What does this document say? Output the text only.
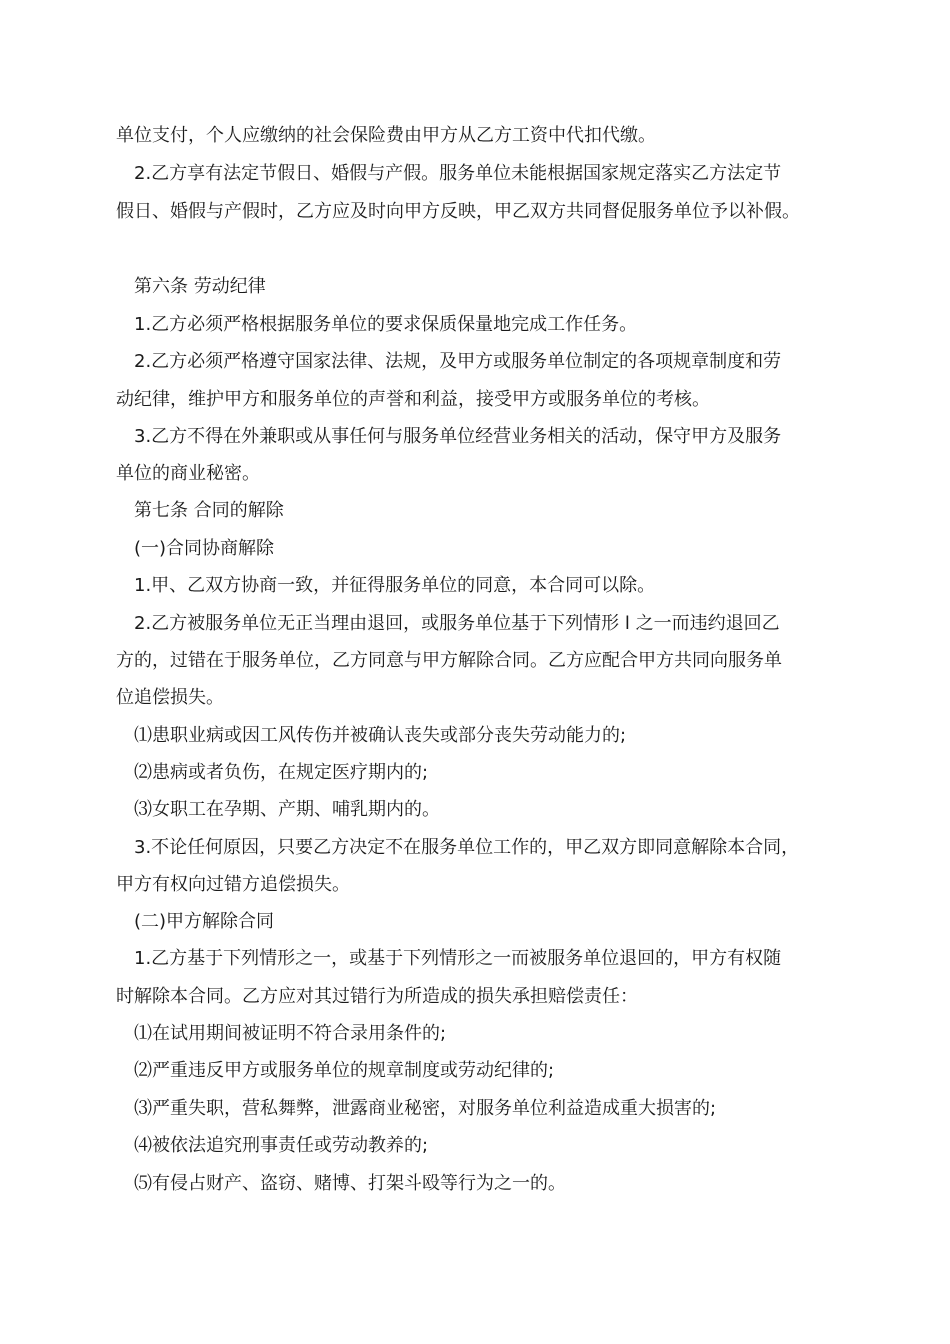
单位支付，个人应缴纳的社会保险费由甲方从乙方工资中代扣代缴。
2.乙方享有法定节假日、婚假与产假。服务单位未能根据国家规定落实乙方法定节
假日、婚假与产假时，乙方应及时向甲方反映，甲乙双方共同督促服务单位予以补假。
第六条 劳动纪律
1.乙方必须严格根据服务单位的要求保质保量地完成工作任务。
2.乙方必须严格遵守国家法律、法规，及甲方或服务单位制定的各项规章制度和劳
动纪律，维护甲方和服务单位的声誉和利益，接受甲方或服务单位的考核。
3.乙方不得在外兼职或从事任何与服务单位经营业务相关的活动，保守甲方及服务
单位的商业秘密。
第七条 合同的解除
(一)合同协商解除
1.甲、乙双方协商一致，并征得服务单位的同意，本合同可以除。
2.乙方被服务单位无正当理由退回，或服务单位基于下列情形 l 之一而违约退回乙
方的，过错在于服务单位，乙方同意与甲方解除合同。乙方应配合甲方共同向服务单
位追偿损失。
⑴患职业病或因工风传伤并被确认丧失或部分丧失劳动能力的;
⑵患病或者负伤，在规定医疗期内的;
⑶女职工在孕期、产期、哺乳期内的。
3.不论任何原因，只要乙方决定不在服务单位工作的，甲乙双方即同意解除本合同，
甲方有权向过错方追偿损失。
(二)甲方解除合同
1.乙方基于下列情形之一，或基于下列情形之一而被服务单位退回的，甲方有权随
时解除本合同。乙方应对其过错行为所造成的损失承担赔偿责任：
⑴在试用期间被证明不符合录用条件的;
⑵严重违反甲方或服务单位的规章制度或劳动纪律的;
⑶严重失职，营私舞弊，泄露商业秘密，对服务单位利益造成重大损害的;
⑷被依法追究刑事责任或劳动教养的;
⑸有侵占财产、盗窃、赌博、打架斗殴等行为之一的。
